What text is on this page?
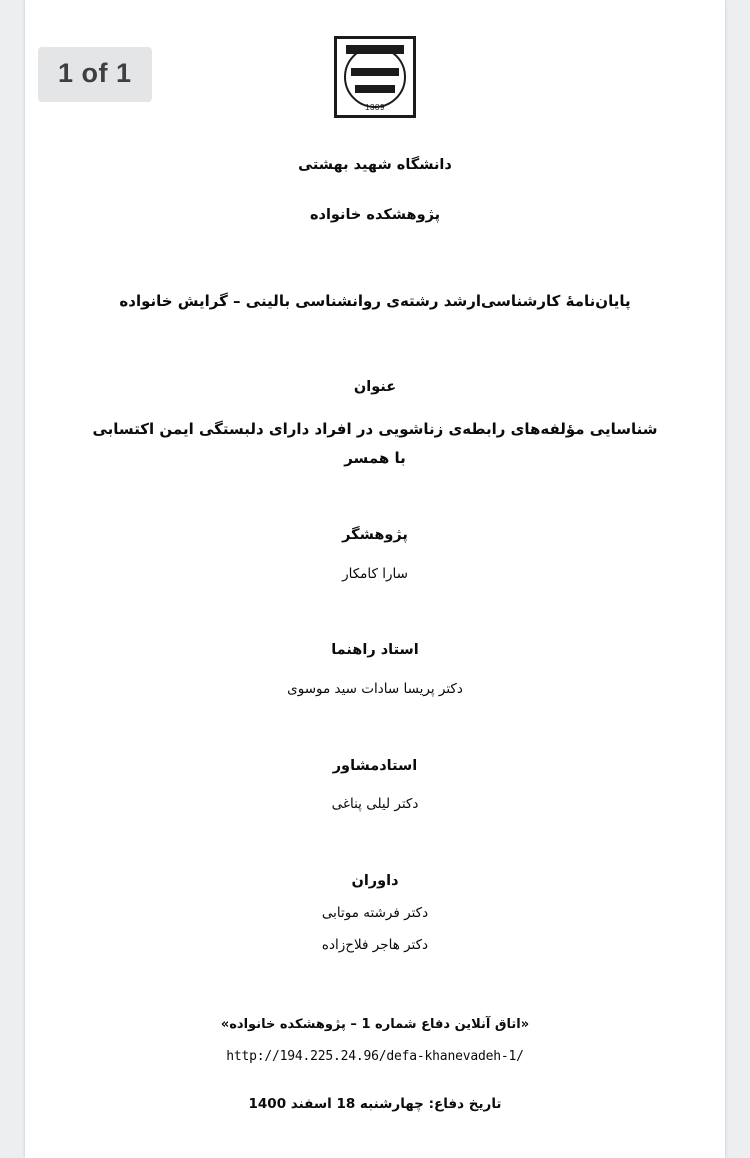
1 of 1
1389
دانشگاه شهید بهشتی
پژوهشکده خانواده
پایان‌نامهٔ کارشناسی‌ارشد رشته‌ی روانشناسی بالینی – گرایش خانواده
عنوان
شناسایی مؤلفه‌های رابطه‌ی زناشویی در افراد دارای دلبستگی ایمن اکتسابی با همسر
پژوهشگر
سارا کامکار
استاد راهنما
دکتر پریسا سادات سید موسوی
استادمشاور
دکتر لیلی پناغی
داوران
دکتر فرشته موتابی
دکتر هاجر فلاح‌زاده
«اتاق آنلاین دفاع شماره 1 – پژوهشکده خانواده»
http://194.225.24.96/defa-khanevadeh-1/
تاریخ دفاع: چهارشنبه 18 اسفند 1400
